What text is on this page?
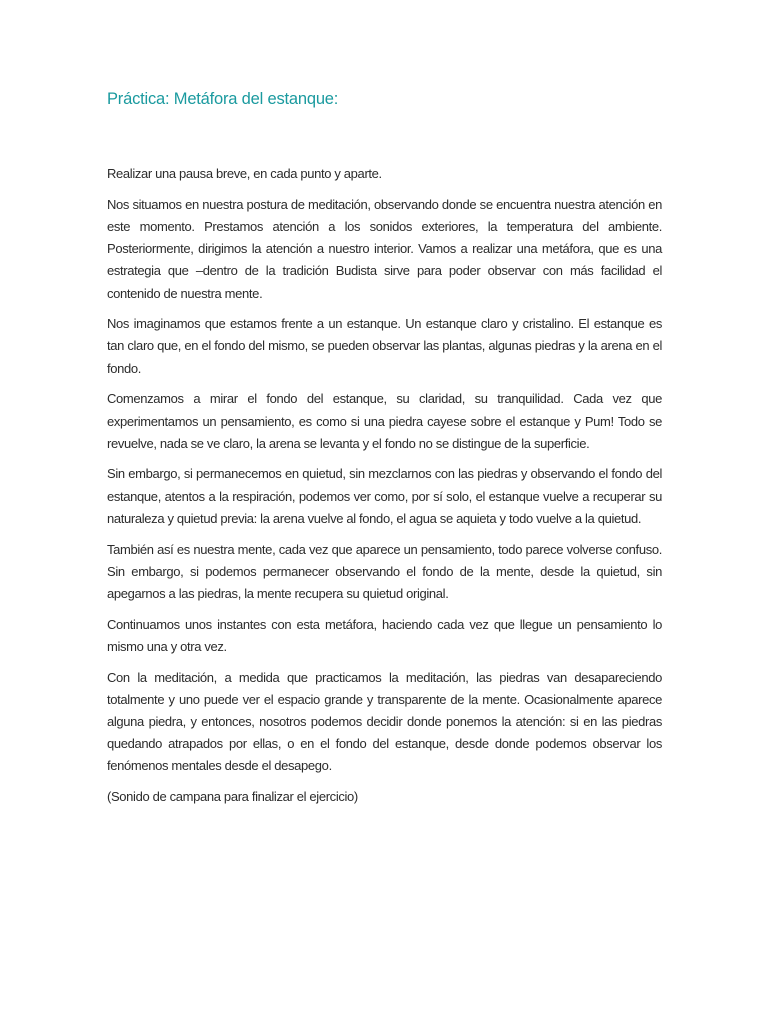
Práctica: Metáfora del estanque:

Realizar una pausa breve, en cada punto y aparte.

Nos situamos en nuestra postura de meditación, observando donde se encuentra nuestra atención en este momento. Prestamos atención a los sonidos exteriores, la temperatura del ambiente. Posteriormente, dirigimos la atención a nuestro interior. Vamos a realizar una metáfora, que es una estrategia que –dentro de la tradición Budista sirve para poder observar con más facilidad el contenido de nuestra mente.

Nos imaginamos que estamos frente a un estanque. Un estanque claro y cristalino. El estanque es tan claro que, en el fondo del mismo, se pueden observar las plantas, algunas piedras y la arena en el fondo.

Comenzamos a mirar el fondo del estanque, su claridad, su tranquilidad. Cada vez que experimentamos un pensamiento, es como si una piedra cayese sobre el estanque y Pum! Todo se revuelve, nada se ve claro, la arena se levanta y el fondo no se distingue de la superficie.

Sin embargo, si permanecemos en quietud, sin mezclarnos con las piedras y observando el fondo del estanque, atentos a la respiración, podemos ver como, por sí solo, el estanque vuelve a recuperar su naturaleza y quietud previa: la arena vuelve al fondo, el agua se aquieta y todo vuelve a la quietud.

También así es nuestra mente, cada vez que aparece un pensamiento, todo parece volverse confuso. Sin embargo, si podemos permanecer observando el fondo de la mente, desde la quietud, sin apegarnos a las piedras, la mente recupera su quietud original.

Continuamos unos instantes con esta metáfora, haciendo cada vez que llegue un pensamiento lo mismo una y otra vez.

Con la meditación, a medida que practicamos la meditación, las piedras van desapareciendo totalmente y uno puede ver el espacio grande y transparente de la mente. Ocasionalmente aparece alguna piedra, y entonces, nosotros podemos decidir donde ponemos la atención: si en las piedras quedando atrapados por ellas, o en el fondo del estanque, desde donde podemos observar los fenómenos mentales desde el desapego.

(Sonido de campana para finalizar el ejercicio)
